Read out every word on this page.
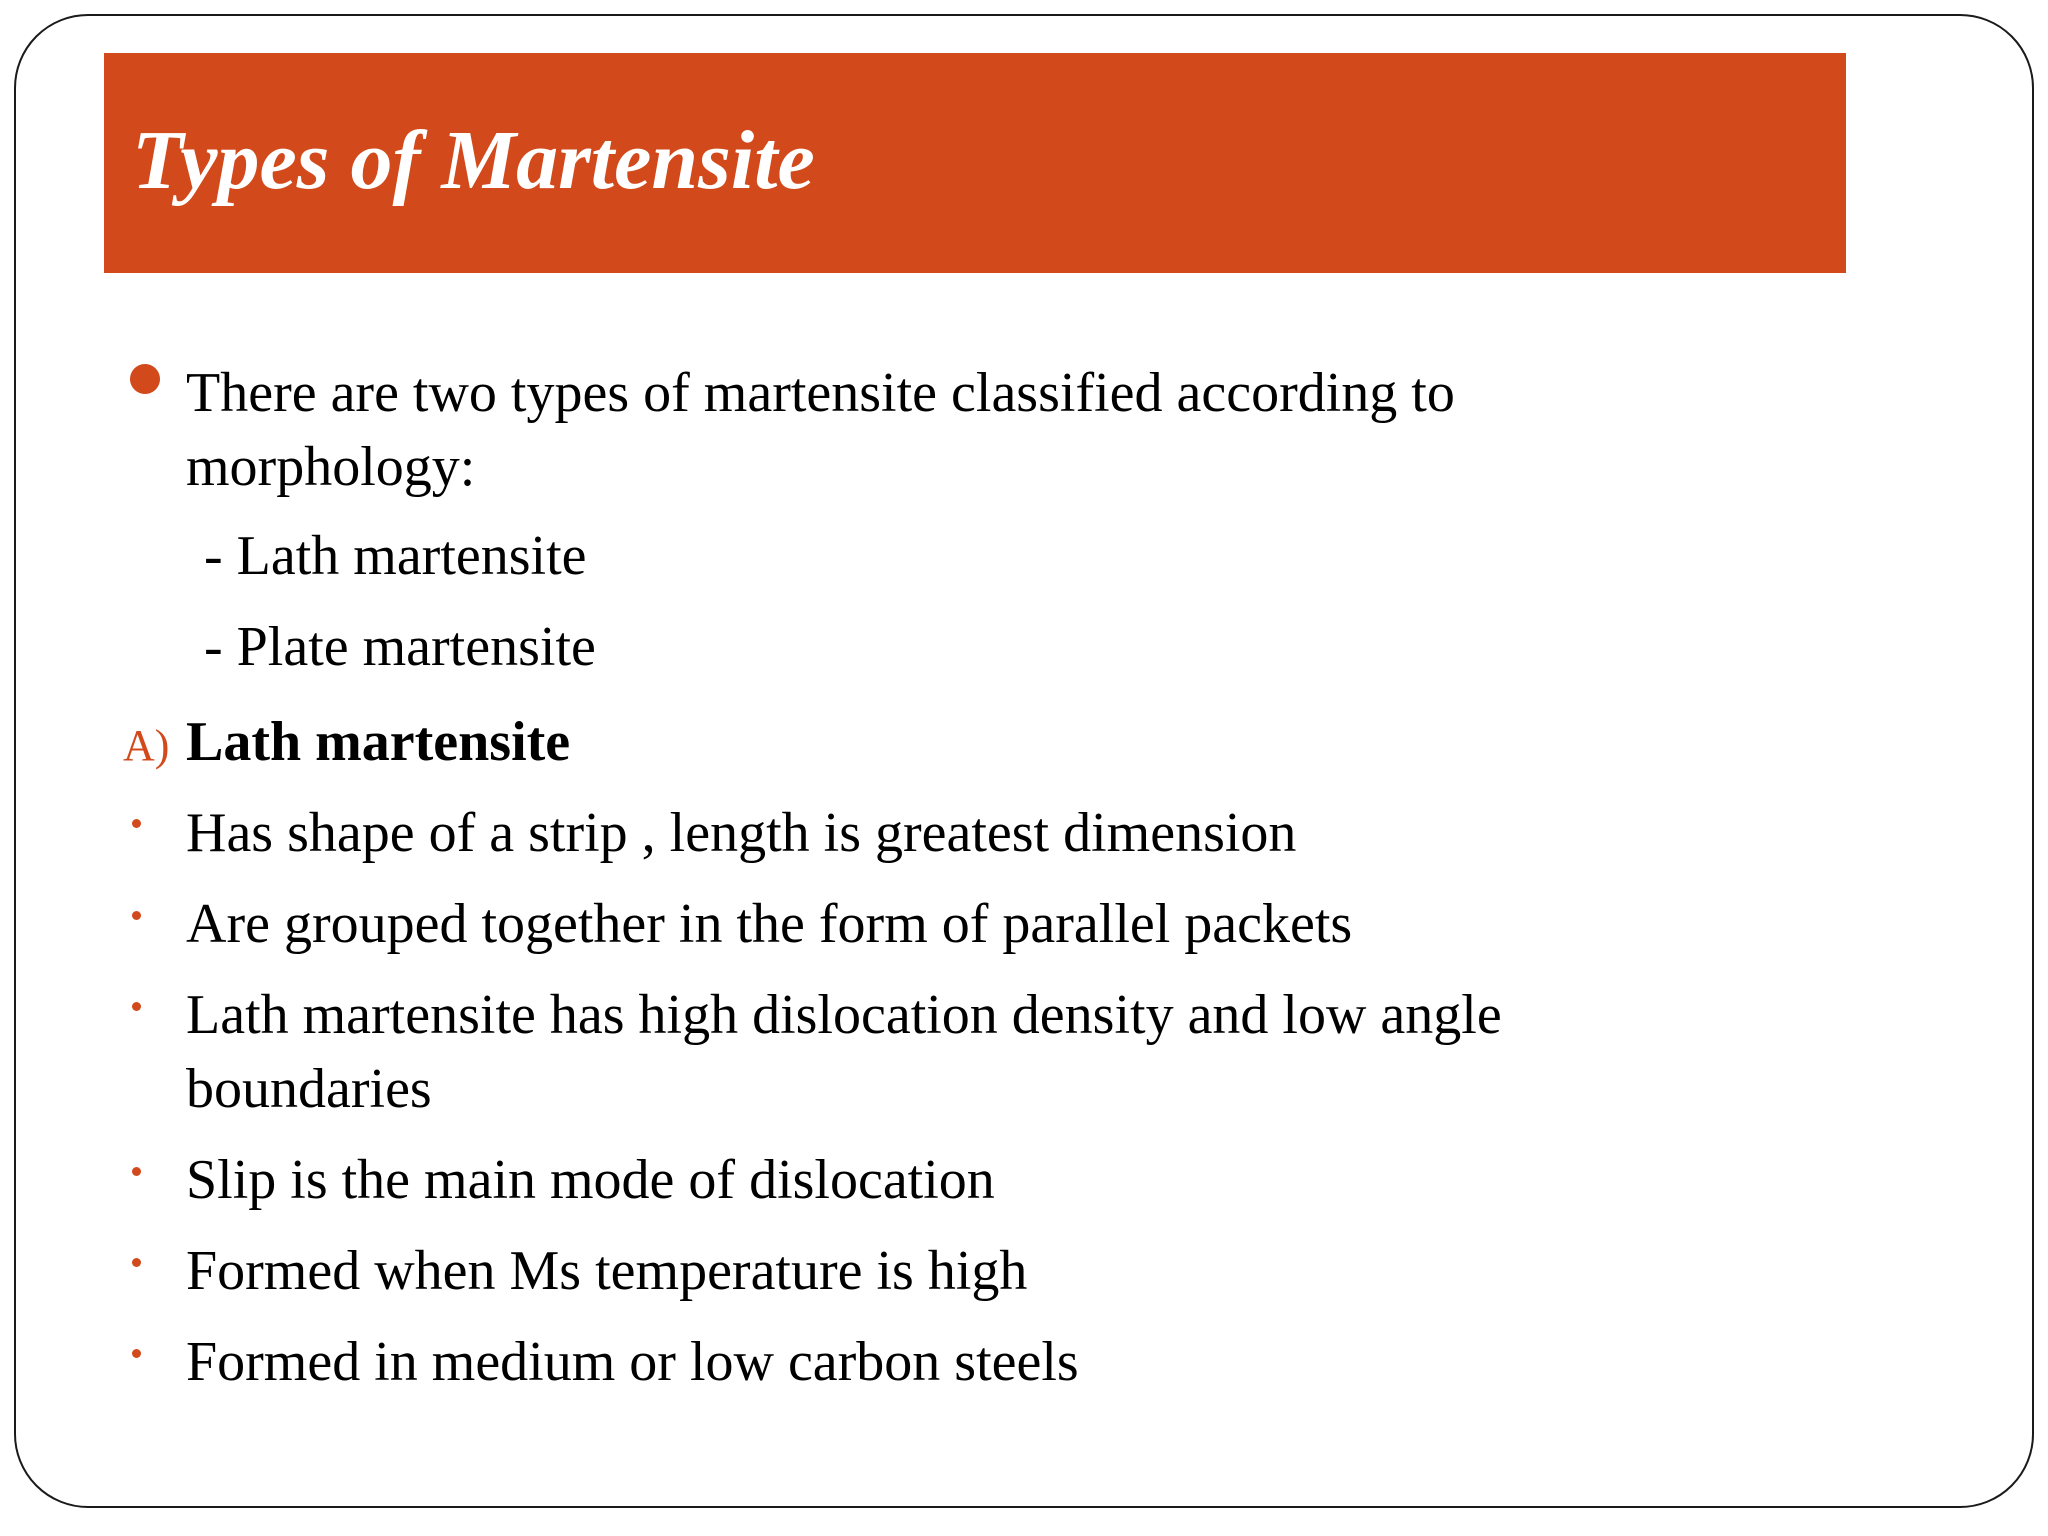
Types of Martensite
There are two types of martensite classified according to
morphology:
- Lath martensite
- Plate martensite
A) Lath martensite
Has shape of a strip , length is greatest dimension
Are grouped together in the form of parallel packets
Lath martensite has high dislocation density and low angle
boundaries
Slip is the main mode of dislocation
Formed when Ms temperature is high
Formed in medium or low carbon steels
